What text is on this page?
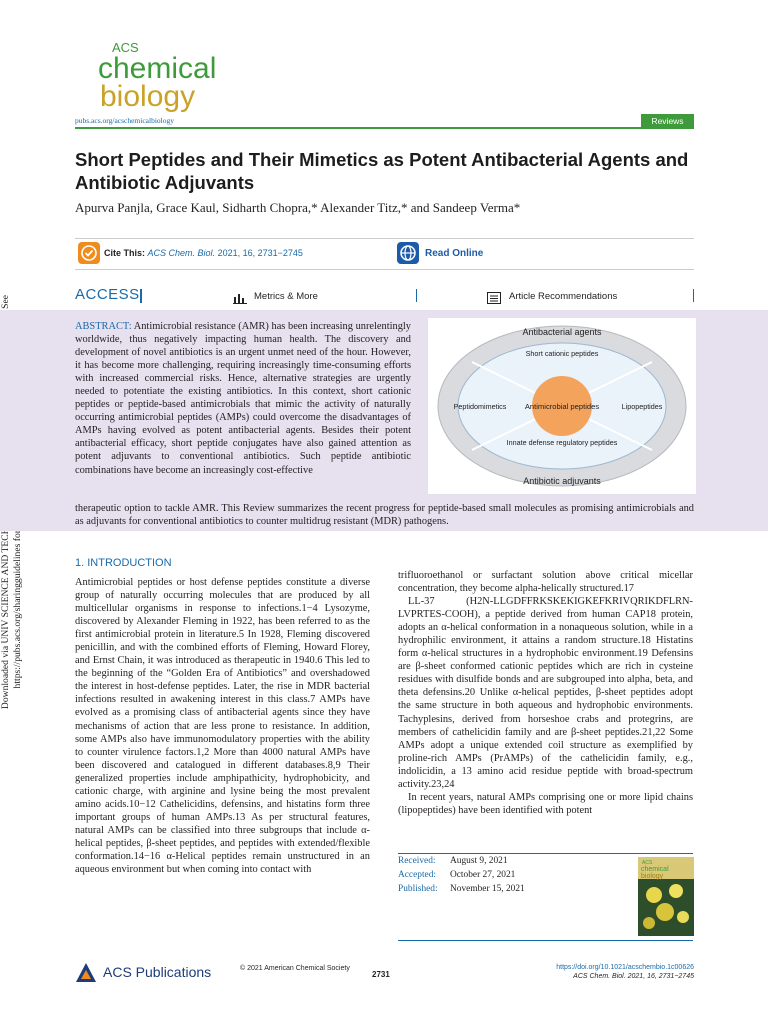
ACS
chemical
biology
pubs.acs.org/acschemicalbiology	Reviews
Short Peptides and Their Mimetics as Potent Antibacterial Agents and Antibiotic Adjuvants
Apurva Panjla, Grace Kaul, Sidharth Chopra,* Alexander Titz,* and Sandeep Verma*
Cite This: ACS Chem. Biol. 2021, 16, 2731−2745	Read Online
ACCESS	Metrics & More	Article Recommendations
ABSTRACT: Antimicrobial resistance (AMR) has been increasing unrelentingly worldwide, thus negatively impacting human health. The discovery and development of novel antibiotics is an urgent unmet need of the hour. However, it has become more challenging, requiring increasingly time-consuming efforts with increased commercial risks. Hence, alternative strategies are urgently needed to potentiate the existing antibiotics. In this context, short cationic peptides or peptide-based antimicrobials that mimic the activity of naturally occurring antimicrobial peptides (AMPs) could overcome the disadvantages of AMPs having evolved as potent antibacterial agents. Besides their potent antibacterial efficacy, short peptide conjugates have also gained attention as potent adjuvants to conventional antibiotics. Such peptide antibiotic combinations have become an increasingly cost-effective
therapeutic option to tackle AMR. This Review summarizes the recent progress for peptide-based small molecules as promising antimicrobials and as adjuvants for conventional antibiotics to counter multidrug resistant (MDR) pathogens.
Antibacterial agents
Antibiotic adjuvants
Short cationic peptides
Innate defense regulatory peptides
Peptidomimetics	Lipopeptides
Antimicrobial peptides
1. INTRODUCTION
Antimicrobial peptides or host defense peptides constitute a diverse group of naturally occurring molecules that are produced by all multicellular organisms in response to infections.1−4 Lysozyme, discovered by Alexander Fleming in 1922, has been referred to as the first antimicrobial protein in literature.5 In 1928, Fleming discovered penicillin, and with the combined efforts of Fleming, Howard Florey, and Ernst Chain, it was introduced as therapeutic in 1940.6 This led to the beginning of the “Golden Era of Antibiotics” and overshadowed the interest in host-defense peptides. Later, the rise in MDR bacterial infections resulted in awakening interest in this class.7 AMPs have evolved as a promising class of antibacterial agents since they have mechanisms of action that are less prone to resistance. In addition, some AMPs also have immunomodulatory properties with the ability to counter virulence factors.1,2 More than 4000 natural AMPs have been discovered and catalogued in different databases.8,9 Their generalized properties include amphipathicity, hydrophobicity, and cationic charge, with arginine and lysine being the most prevalent amino acids.10−12 Cathelicidins, defensins, and histatins form three important groups of human AMPs.13 As per structural features, natural AMPs can be classified into three subgroups that include α-helical peptides, β-sheet peptides, and peptides with extended/flexible conformation.14−16 α-Helical peptides remain unstructured in an aqueous environment but when coming into contact with
trifluoroethanol or surfactant solution above critical micellar concentration, they become alpha-helically structured.17
LL-37 (H2N-LLGDFFRKSKEKIGKEFKRIVQRIKDFLRN-LVPRTES-COOH), a peptide derived from human CAP18 protein, adopts an α-helical conformation in a nonaqueous solution, while in a hydrophilic environment, it attains a random structure.18 Histatins form α-helical structures in a hydrophobic environment.19 Defensins are β-sheet conformed cationic peptides which are rich in cysteine residues with disulfide bonds and are subgrouped into alpha, beta, and theta defensins.20 Unlike α-helical peptides, β-sheet peptides adopt the same structure in both aqueous and hydrophobic environments. Tachyplesins, derived from horseshoe crabs and protegrins, are members of cathelicidin family and are β-sheet peptides.21,22 Some AMPs adopt a unique extended coil structure as exemplified by proline-rich AMPs (PrAMPs) of the cathelicidin family, e.g., indolicidin, a 13 amino acid residue peptide with broad-spectrum activity.23,24
In recent years, natural AMPs comprising one or more lipid chains (lipopeptides) have been identified with potent
Received: August 9, 2021
Accepted: October 27, 2021
Published: November 15, 2021
ACS
chemical
biology
ACS Publications	© 2021 American Chemical Society
2731
https://doi.org/10.1021/acschembio.1c00626
ACS Chem. Biol. 2021, 16, 2731−2745
